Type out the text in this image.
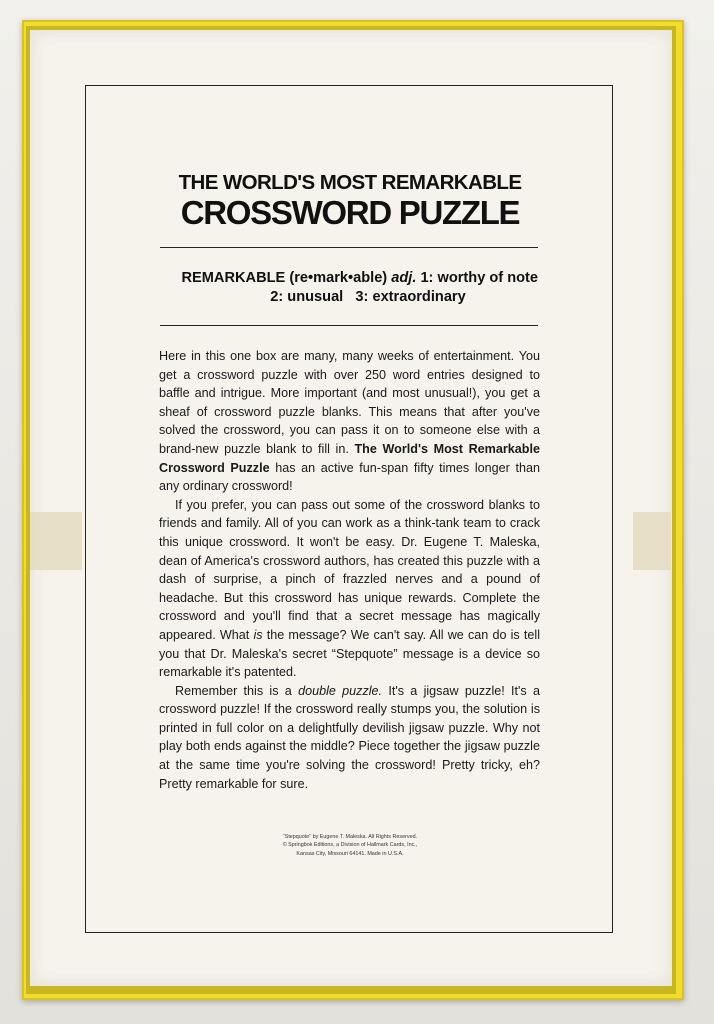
THE WORLD'S MOST REMARKABLE
CROSSWORD PUZZLE
REMARKABLE (re•mark•able) adj. 1: worthy of note
2: unusual 3: extraordinary

Here in this one box are many, many weeks of entertainment. You get a crossword puzzle with over 250 word entries designed to baffle and intrigue. More important (and most unusual!), you get a sheaf of crossword puzzle blanks. This means that after you've solved the crossword, you can pass it on to someone else with a brand-new puzzle blank to fill in. The World's Most Remarkable Crossword Puzzle has an active fun-span fifty times longer than any ordinary crossword!

If you prefer, you can pass out some of the crossword blanks to friends and family. All of you can work as a think-tank team to crack this unique crossword. It won't be easy. Dr. Eugene T. Maleska, dean of America's crossword authors, has created this puzzle with a dash of surprise, a pinch of frazzled nerves and a pound of headache. But this crossword has unique rewards. Complete the crossword and you'll find that a secret message has magically appeared. What is the message? We can't say. All we can do is tell you that Dr. Maleska's secret “Stepquote” message is a device so remarkable it's patented.

Remember this is a double puzzle. It's a jigsaw puzzle! It's a crossword puzzle! If the crossword really stumps you, the solution is printed in full color on a delightfully devilish jigsaw puzzle. Why not play both ends against the middle? Piece together the jigsaw puzzle at the same time you're solving the crossword! Pretty tricky, eh? Pretty remarkable for sure.

“Stepquote” by Eugene T. Maleska. All Rights Reserved.
© Springbok Editions, a Division of Hallmark Cards, Inc.,
Kansas City, Missouri 64141. Made in U.S.A.
